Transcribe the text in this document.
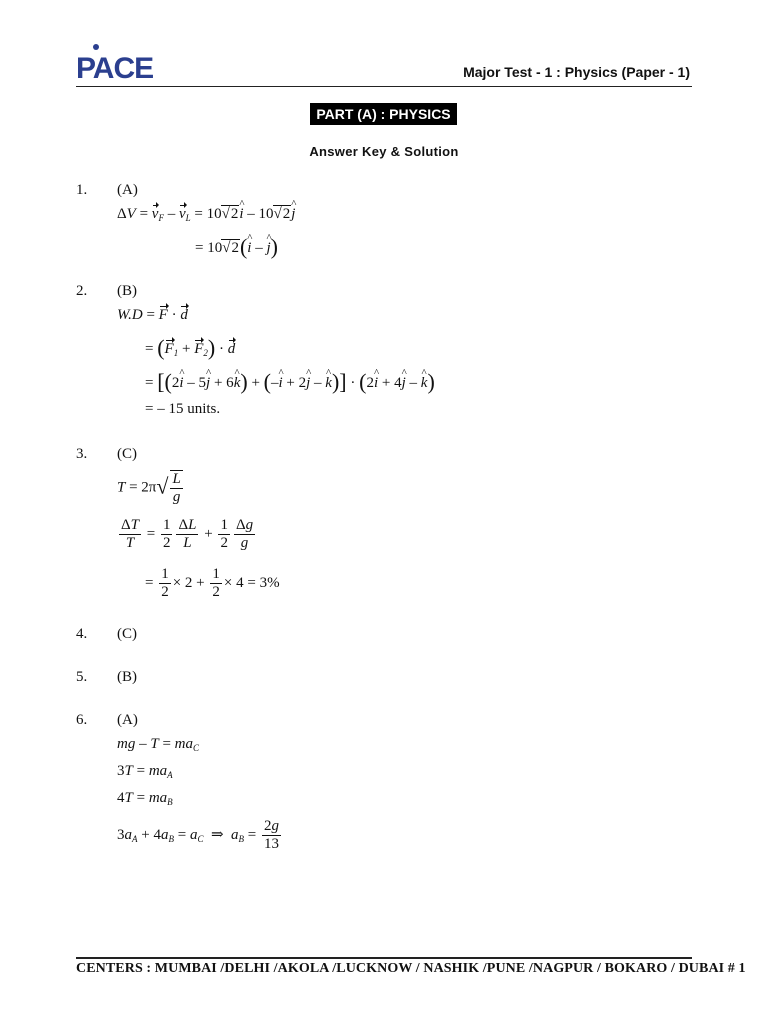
PACE	Major Test - 1 : Physics (Paper - 1)
PART (A) : PHYSICS
Answer Key & Solution
1. (A)
$\Delta V = v_F - v_L = 10√2i$ ^ – 10√2j ^
= 10√2(i ^ – j ^)
2. (B)
W.D = F · d
= $(F_1 + F_2) \cdot d$
= [(2i ^ – 5j ^ + 6k ^) + (–i ^ + 2j ^ – k ^)] · (2i ^ + 4j ^ – k ^)
= – 15 units.
3. (C)
$T = 2\pi√ \frac{L}{g}$
$\frac{\Delta T}{T} = \frac{1}{2} \frac{\Delta L}{L} + \frac{1}{2} \frac{\Delta g}{g}$
= $\frac{1}{2} \times 2 + \frac{1}{2} \times 4 = 3\%$
4. (C)
5. (B)
6. (A)
mg – $T = ma_C$
$3T = ma_A$
$4T = ma_B$
$3a_A + 4a_B = a_C$  ⇒  $a_B = \frac{2g}{13}$
CENTERS : MUMBAI /DELHI /AKOLA /LUCKNOW / NASHIK /PUNE /NAGPUR / BOKARO / DUBAI # 1
